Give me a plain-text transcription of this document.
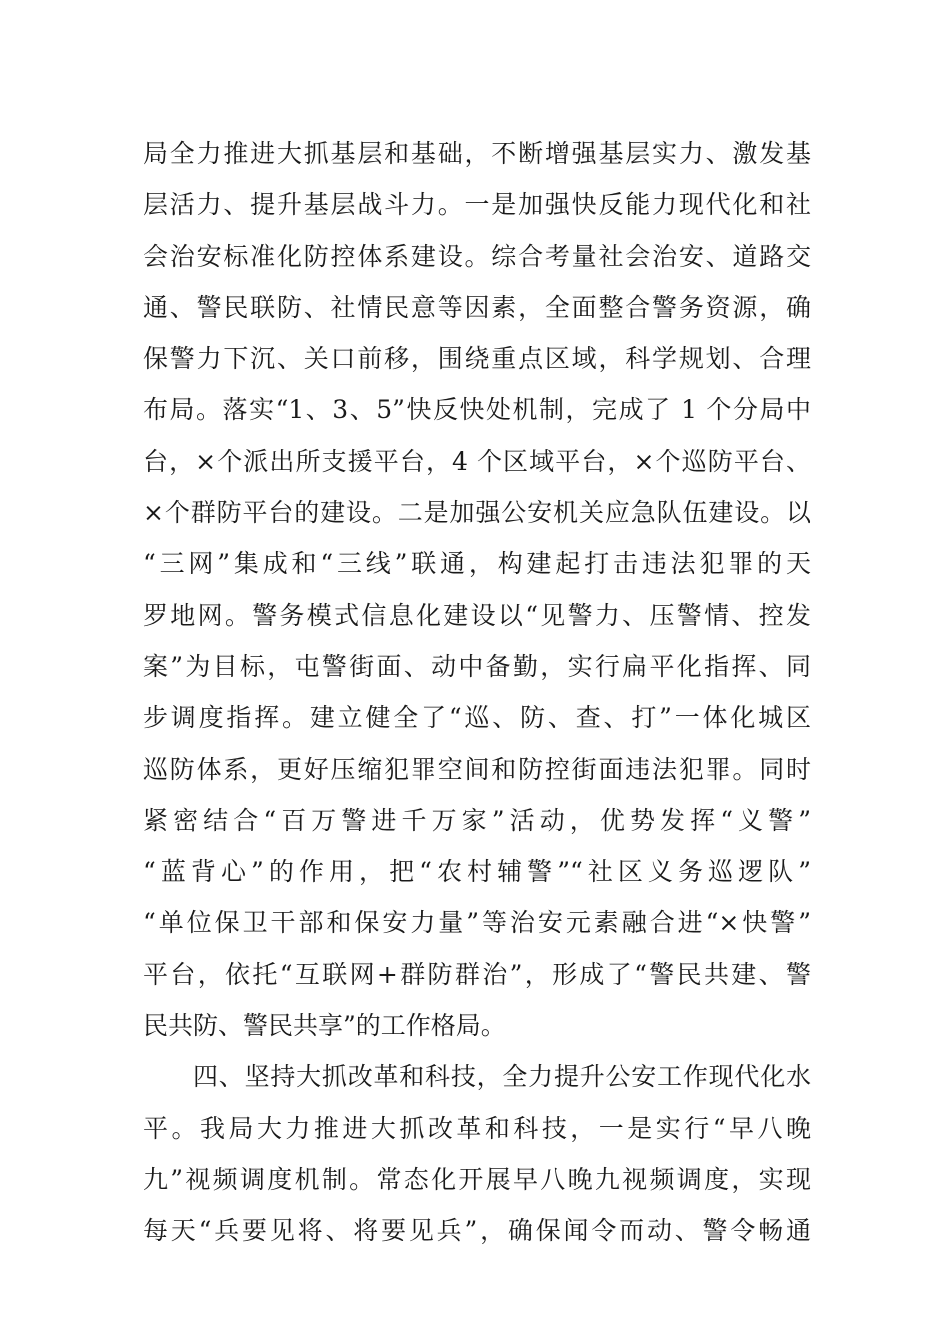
局全力推进大抓基层和基础，不断增强基层实力、激发基
层活力、提升基层战斗力。一是加强快反能力现代化和社
会治安标准化防控体系建设。综合考量社会治安、道路交
通、警民联防、社情民意等因素，全面整合警务资源，确
保警力下沉、关口前移，围绕重点区域，科学规划、合理
布局。落实“1、3、5”快反快处机制，完成了 1 个分局中
台，×个派出所支援平台，4 个区域平台，×个巡防平台、
×个群防平台的建设。二是加强公安机关应急队伍建设。以
“三网”集成和“三线”联通，构建起打击违法犯罪的天
罗地网。警务模式信息化建设以“见警力、压警情、控发
案”为目标，屯警街面、动中备勤，实行扁平化指挥、同
步调度指挥。建立健全了“巡、防、查、打”一体化城区
巡防体系，更好压缩犯罪空间和防控街面违法犯罪。同时
紧密结合“百万警进千万家”活动，优势发挥“义警”
“蓝背心”的作用，把“农村辅警”“社区义务巡逻队”
“单位保卫干部和保安力量”等治安元素融合进“×快警”
平台，依托“互联网+群防群治”，形成了“警民共建、警
民共防、警民共享”的工作格局。
四、坚持大抓改革和科技，全力提升公安工作现代化水
平。我局大力推进大抓改革和科技，一是实行“早八晚
九”视频调度机制。常态化开展早八晚九视频调度，实现
每天“兵要见将、将要见兵”，确保闻令而动、警令畅通
